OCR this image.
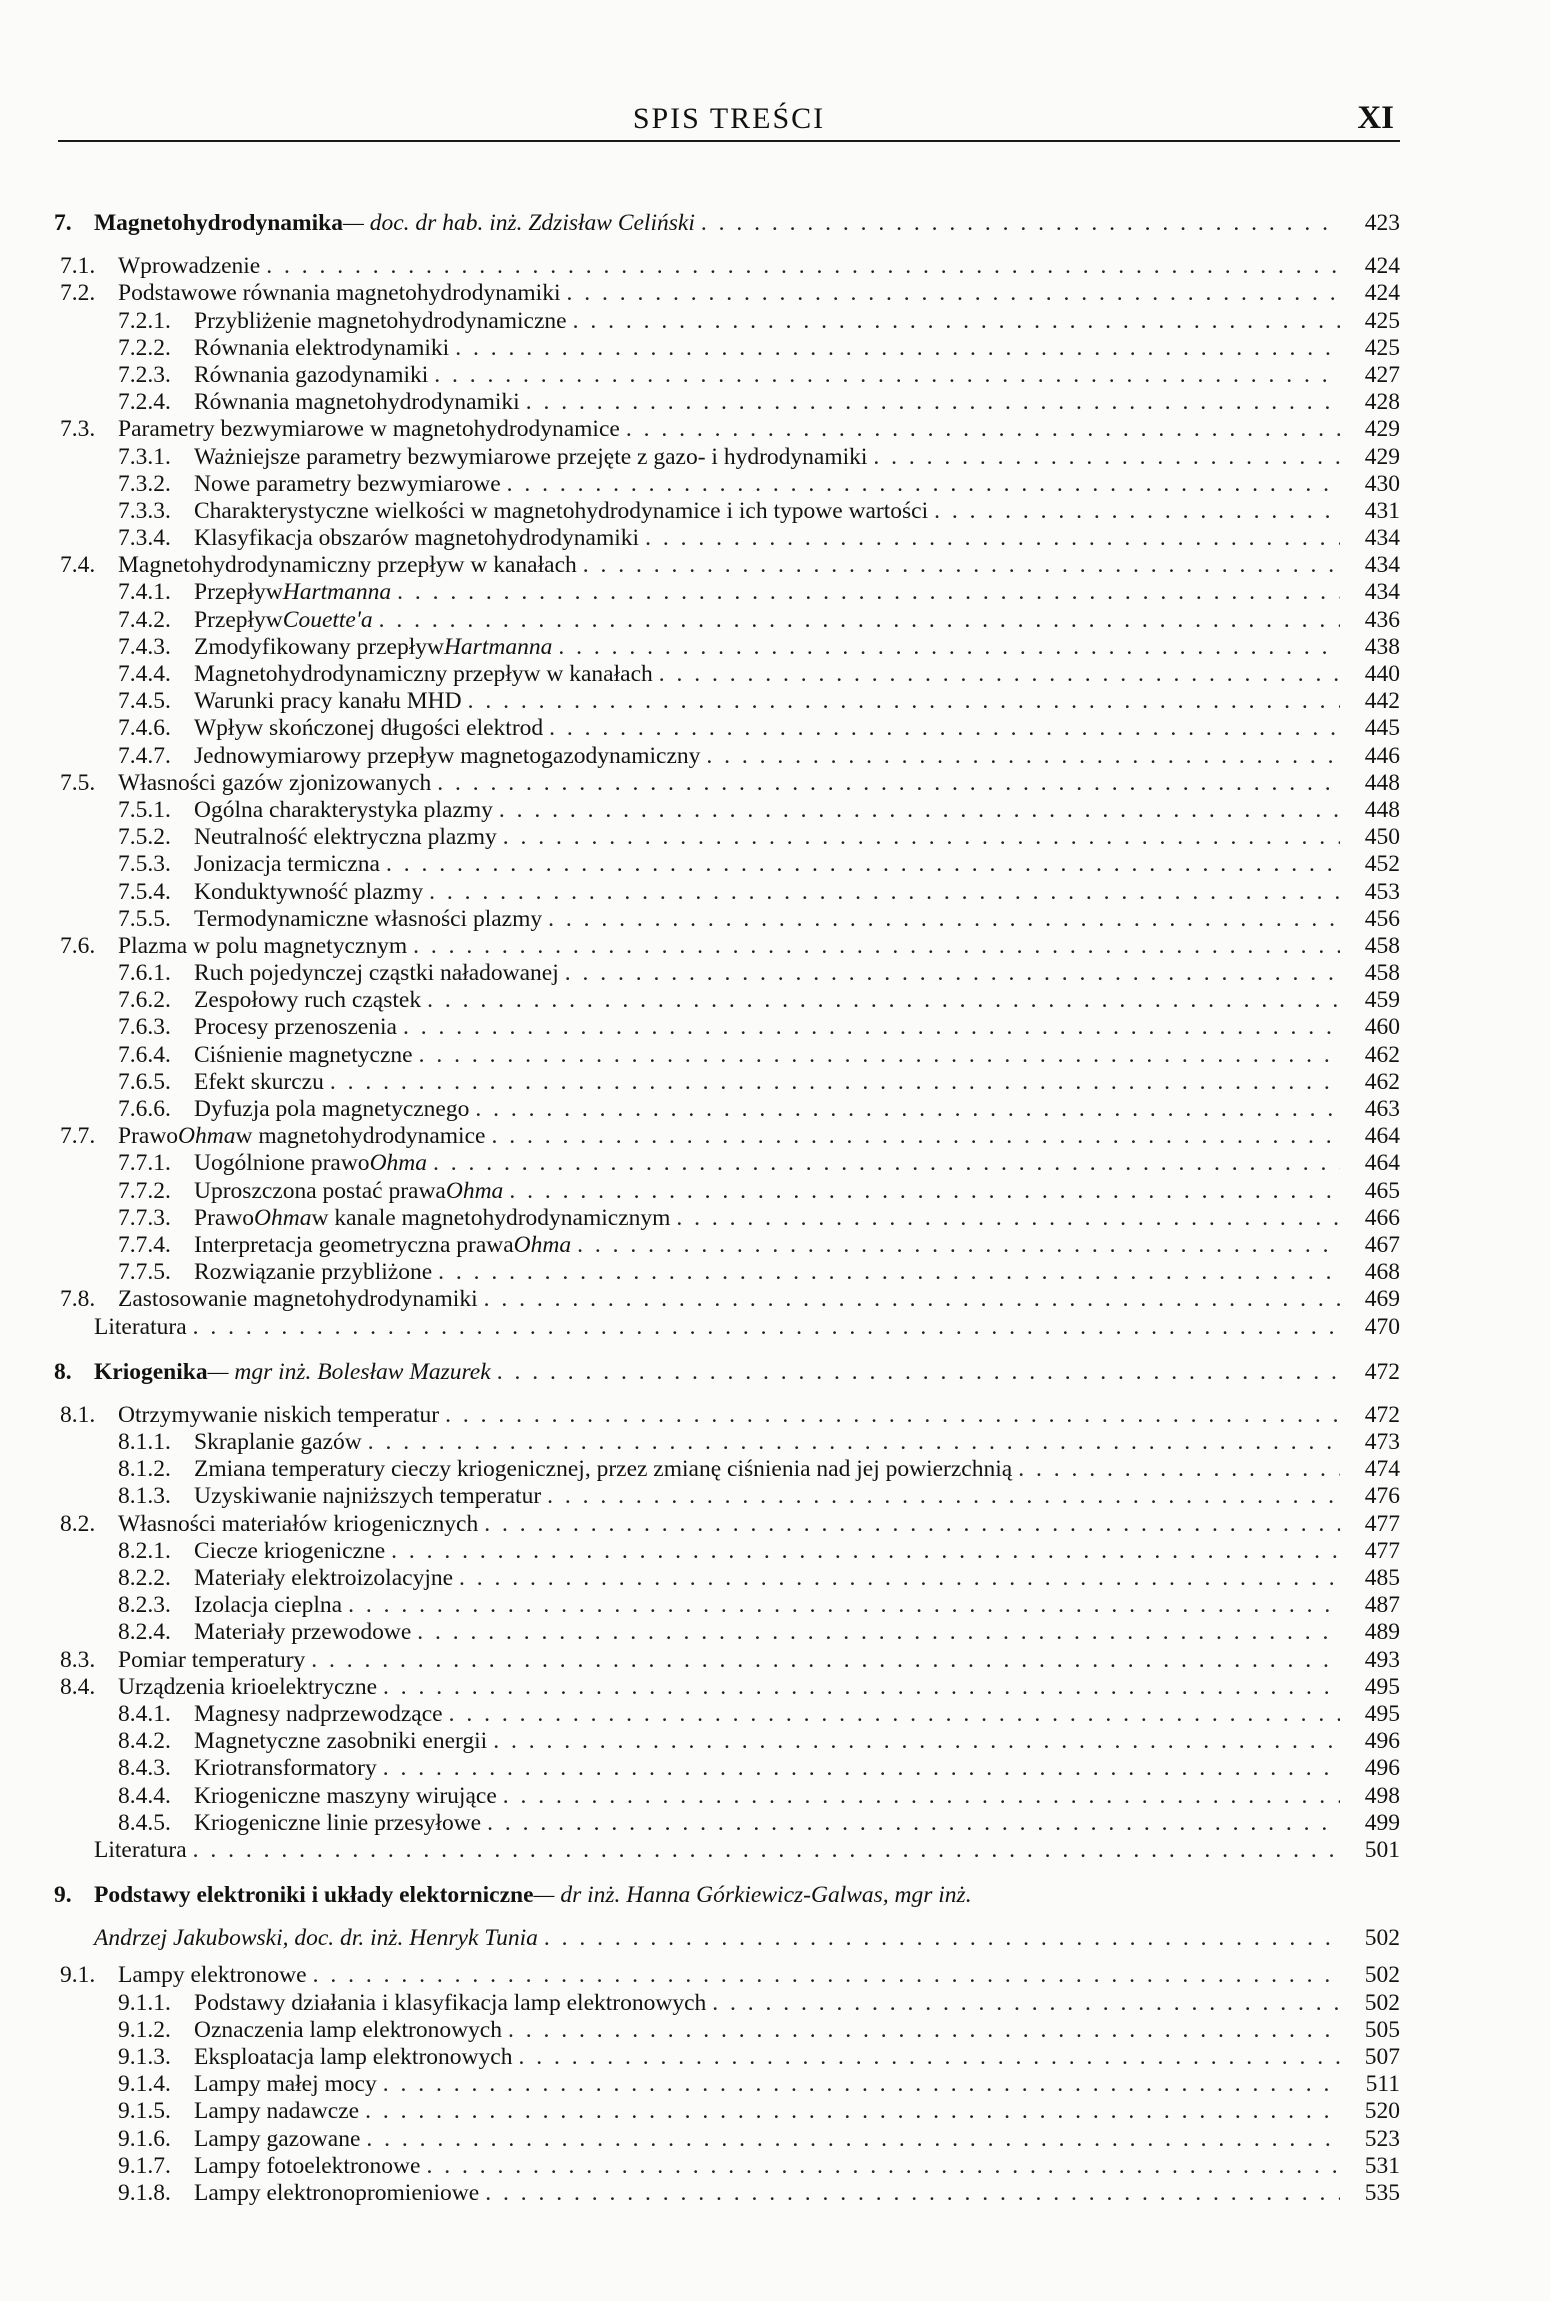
SPIS TREŚCI	XI
7. Magnetohydrodynamika — doc. dr hab. inż. Zdzisław Celiński . . .	423
7.1. Wprowadzenie . . .	424
7.2. Podstawowe równania magnetohydrodynamiki . . .	424
7.2.1. Przybliżenie magnetohydrodynamiczne . . .	425
7.2.2. Równania elektrodynamiki . . .	425
7.2.3. Równania gazodynamiki . . .	427
7.2.4. Równania magnetohydrodynamiki . . .	428
7.3. Parametry bezwymiarowe w magnetohydrodynamice . . .	429
7.3.1. Ważniejsze parametry bezwymiarowe przejęte z gazo- i hydrodynamiki . . .	429
7.3.2. Nowe parametry bezwymiarowe . . .	430
7.3.3. Charakterystyczne wielkości w magnetohydrodynamice i ich typowe wartości . . .	431
7.3.4. Klasyfikacja obszarów magnetohydrodynamiki . . .	434
7.4. Magnetohydrodynamiczny przepływ w kanałach . . .	434
7.4.1. Przepływ Hartmanna . . .	434
7.4.2. Przepływ Couette'a . . .	436
7.4.3. Zmodyfikowany przepływ Hartmanna . . .	438
7.4.4. Magnetohydrodynamiczny przepływ w kanałach . . .	440
7.4.5. Warunki pracy kanału MHD . . .	442
7.4.6. Wpływ skończonej długości elektrod . . .	445
7.4.7. Jednowymiarowy przepływ magnetogazodynamiczny . . .	446
7.5. Własności gazów zjonizowanych . . .	448
7.5.1. Ogólna charakterystyka plazmy . . .	448
7.5.2. Neutralność elektryczna plazmy . . .	450
7.5.3. Jonizacja termiczna . . .	452
7.5.4. Konduktywność plazmy . . .	453
7.5.5. Termodynamiczne własności plazmy . . .	456
7.6. Plazma w polu magnetycznym . . .	458
7.6.1. Ruch pojedynczej cząstki naładowanej . . .	458
7.6.2. Zespołowy ruch cząstek . . .	459
7.6.3. Procesy przenoszenia . . .	460
7.6.4. Ciśnienie magnetyczne . . .	462
7.6.5. Efekt skurczu . . .	462
7.6.6. Dyfuzja pola magnetycznego . . .	463
7.7. Prawo Ohma w magnetohydrodynamice . . .	464
7.7.1. Uogólnione prawo Ohma . . .	464
7.7.2. Uproszczona postać prawa Ohma . . .	465
7.7.3. Prawo Ohma w kanale magnetohydrodynamicznym . . .	466
7.7.4. Interpretacja geometryczna prawa Ohma . . .	467
7.7.5. Rozwiązanie przybliżone . . .	468
7.8. Zastosowanie magnetohydrodynamiki . . .	469
Literatura . . .	470
8. Kriogenika — mgr inż. Bolesław Mazurek . . .	472
8.1. Otrzymywanie niskich temperatur . . .	472
8.1.1. Skraplanie gazów . . .	473
8.1.2. Zmiana temperatury cieczy kriogenicznej, przez zmianę ciśnienia nad jej powierzchnią . . .	474
8.1.3. Uzyskiwanie najniższych temperatur . . .	476
8.2. Własności materiałów kriogenicznych . . .	477
8.2.1. Ciecze kriogeniczne . . .	477
8.2.2. Materiały elektroizolacyjne . . .	485
8.2.3. Izolacja cieplna . . .	487
8.2.4. Materiały przewodowe . . .	489
8.3. Pomiar temperatury . . .	493
8.4. Urządzenia krioelektryczne . . .	495
8.4.1. Magnesy nadprzewodzące . . .	495
8.4.2. Magnetyczne zasobniki energii . . .	496
8.4.3. Kriotransformatory . . .	496
8.4.4. Kriogeniczne maszyny wirujące . . .	498
8.4.5. Kriogeniczne linie przesyłowe . . .	499
Literatura . . .	501
9. Podstawy elektroniki i układy elektorniczne — dr inż. Hanna Górkiewicz-Galwas, mgr inż.
Andrzej Jakubowski, doc. dr. inż. Henryk Tunia . . .	502
9.1. Lampy elektronowe . . .	502
9.1.1. Podstawy działania i klasyfikacja lamp elektronowych . . .	502
9.1.2. Oznaczenia lamp elektronowych . . .	505
9.1.3. Eksploatacja lamp elektronowych . . .	507
9.1.4. Lampy małej mocy . . .	511
9.1.5. Lampy nadawcze . . .	520
9.1.6. Lampy gazowane . . .	523
9.1.7. Lampy fotoelektronowe . . .	531
9.1.8. Lampy elektronopromieniowe . . .	535
